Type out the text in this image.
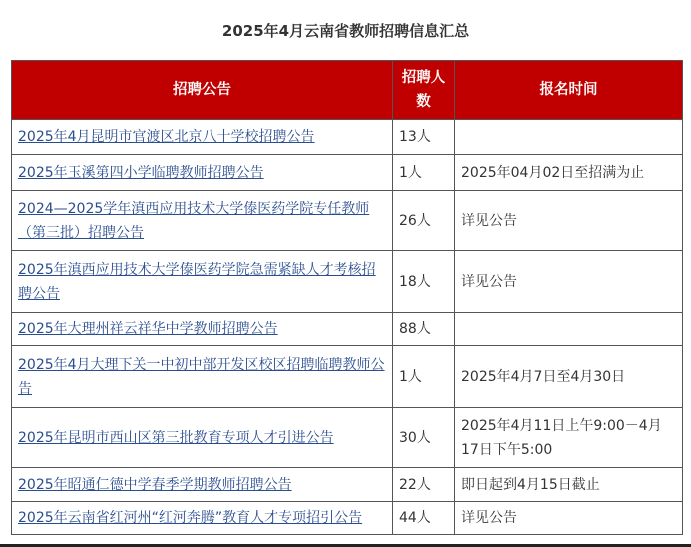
2025年4月云南省教师招聘信息汇总
招聘公告	招聘人数	报名时间
2025年4月昆明市官渡区北京八十学校招聘公告	13人	
2025年玉溪第四小学临聘教师招聘公告	1人	2025年04月02日至招满为止
2024—2025学年滇西应用技术大学傣医药学院专任教师（第三批）招聘公告	26人	详见公告
2025年滇西应用技术大学傣医药学院急需紧缺人才考核招聘公告	18人	详见公告
2025年大理州祥云祥华中学教师招聘公告	88人	
2025年4月大理下关一中初中部开发区校区招聘临聘教师公告	1人	2025年4月7日至4月30日
2025年昆明市西山区第三批教育专项人才引进公告	30人	2025年4月11日上午9:00－4月17日下午5:00
2025年昭通仁德中学春季学期教师招聘公告	22人	即日起到4月15日截止
2025年云南省红河州“红河奔腾”教育人才专项招引公告	44人	详见公告
